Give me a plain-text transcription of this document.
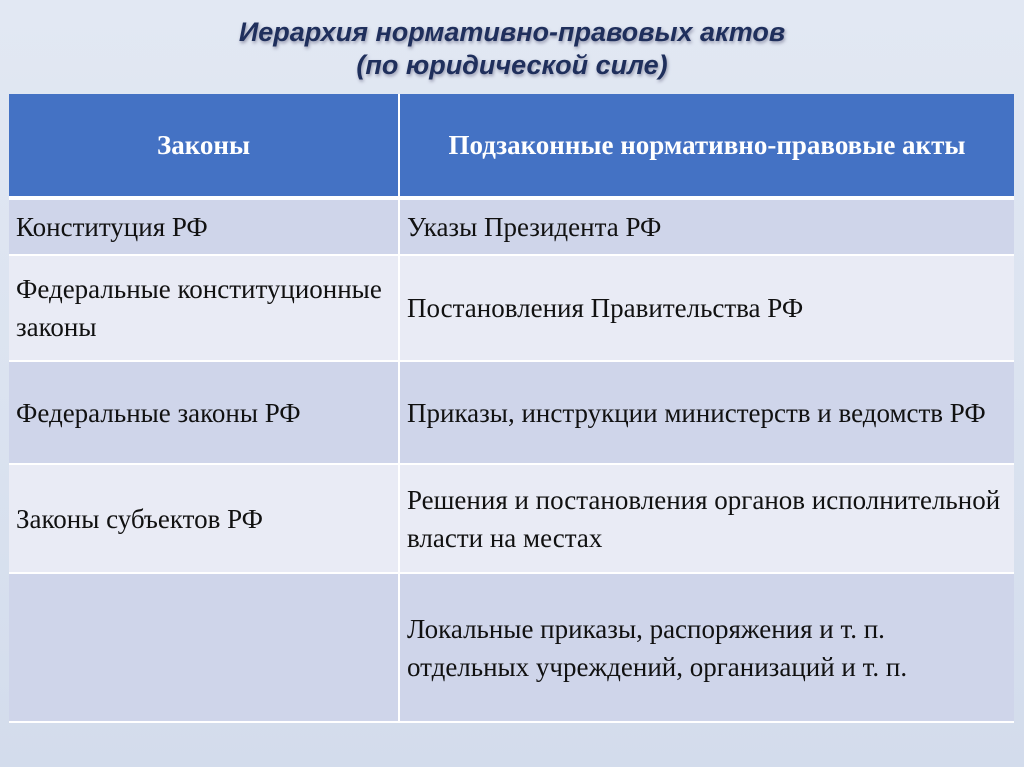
Иерархия нормативно-правовых актов
(по юридической силе)
Законы	Подзаконные нормативно-правовые акты
Конституция РФ	Указы Президента РФ
Федеральные конституционные законы	Постановления Правительства РФ
Федеральные законы РФ	Приказы, инструкции министерств и ведомств РФ
Законы субъектов РФ	Решения и постановления органов исполнительной власти на местах
	Локальные приказы, распоряжения и т. п. отдельных учреждений, организаций и т. п.
